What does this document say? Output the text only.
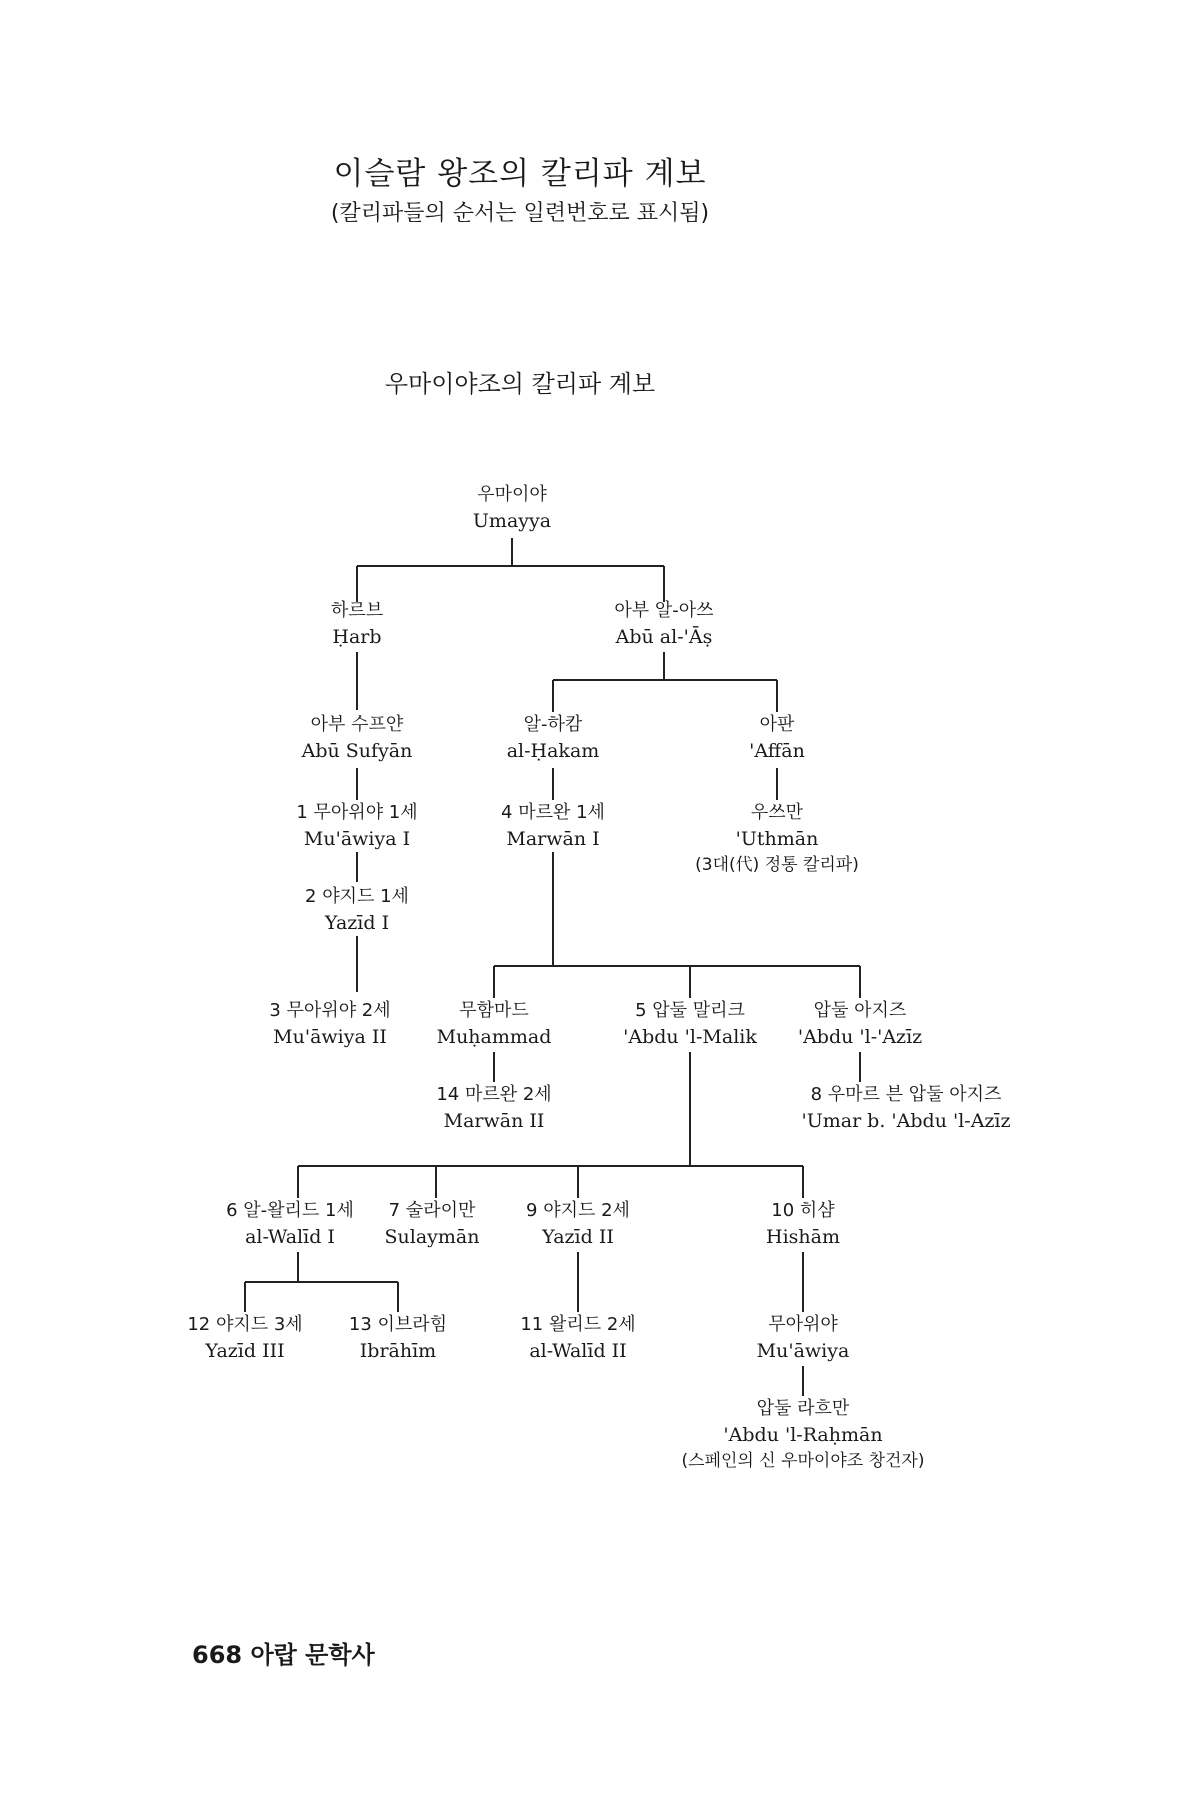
이슬람 왕조의 칼리파 계보
(칼리파들의 순서는 일련번호로 표시됨)
우마이야조의 칼리파 계보
우마이야
Umayya
하르브
Ḥarb
아부 알-아쓰
Abū al-'Āṣ
아부 수프얀
Abū Sufyān
알-하캄
al-Ḥakam
아판
'Affān
1 무아위야 1세
Mu'āwiya I
4 마르완 1세
Marwān I
우쓰만
'Uthmān
(3대(代) 정통 칼리파)
2 야지드 1세
Yazīd I
3 무아위야 2세
Mu'āwiya II
무함마드
Muḥammad
5 압둘 말리크
'Abdu 'l-Malik
압둘 아지즈
'Abdu 'l-'Azīz
14 마르완 2세
Marwān II
8 우마르 븐 압둘 아지즈
'Umar b. 'Abdu 'l-Azīz
6 알-왈리드 1세
al-Walīd I
7 술라이만
Sulaymān
9 야지드 2세
Yazīd II
10 히샴
Hishām
12 야지드 3세
Yazīd III
13 이브라힘
Ibrāhīm
11 왈리드 2세
al-Walīd II
무아위야
Mu'āwiya
압둘 라흐만
'Abdu 'l-Raḥmān
(스페인의 신 우마이야조 창건자)
668 아랍 문학사
